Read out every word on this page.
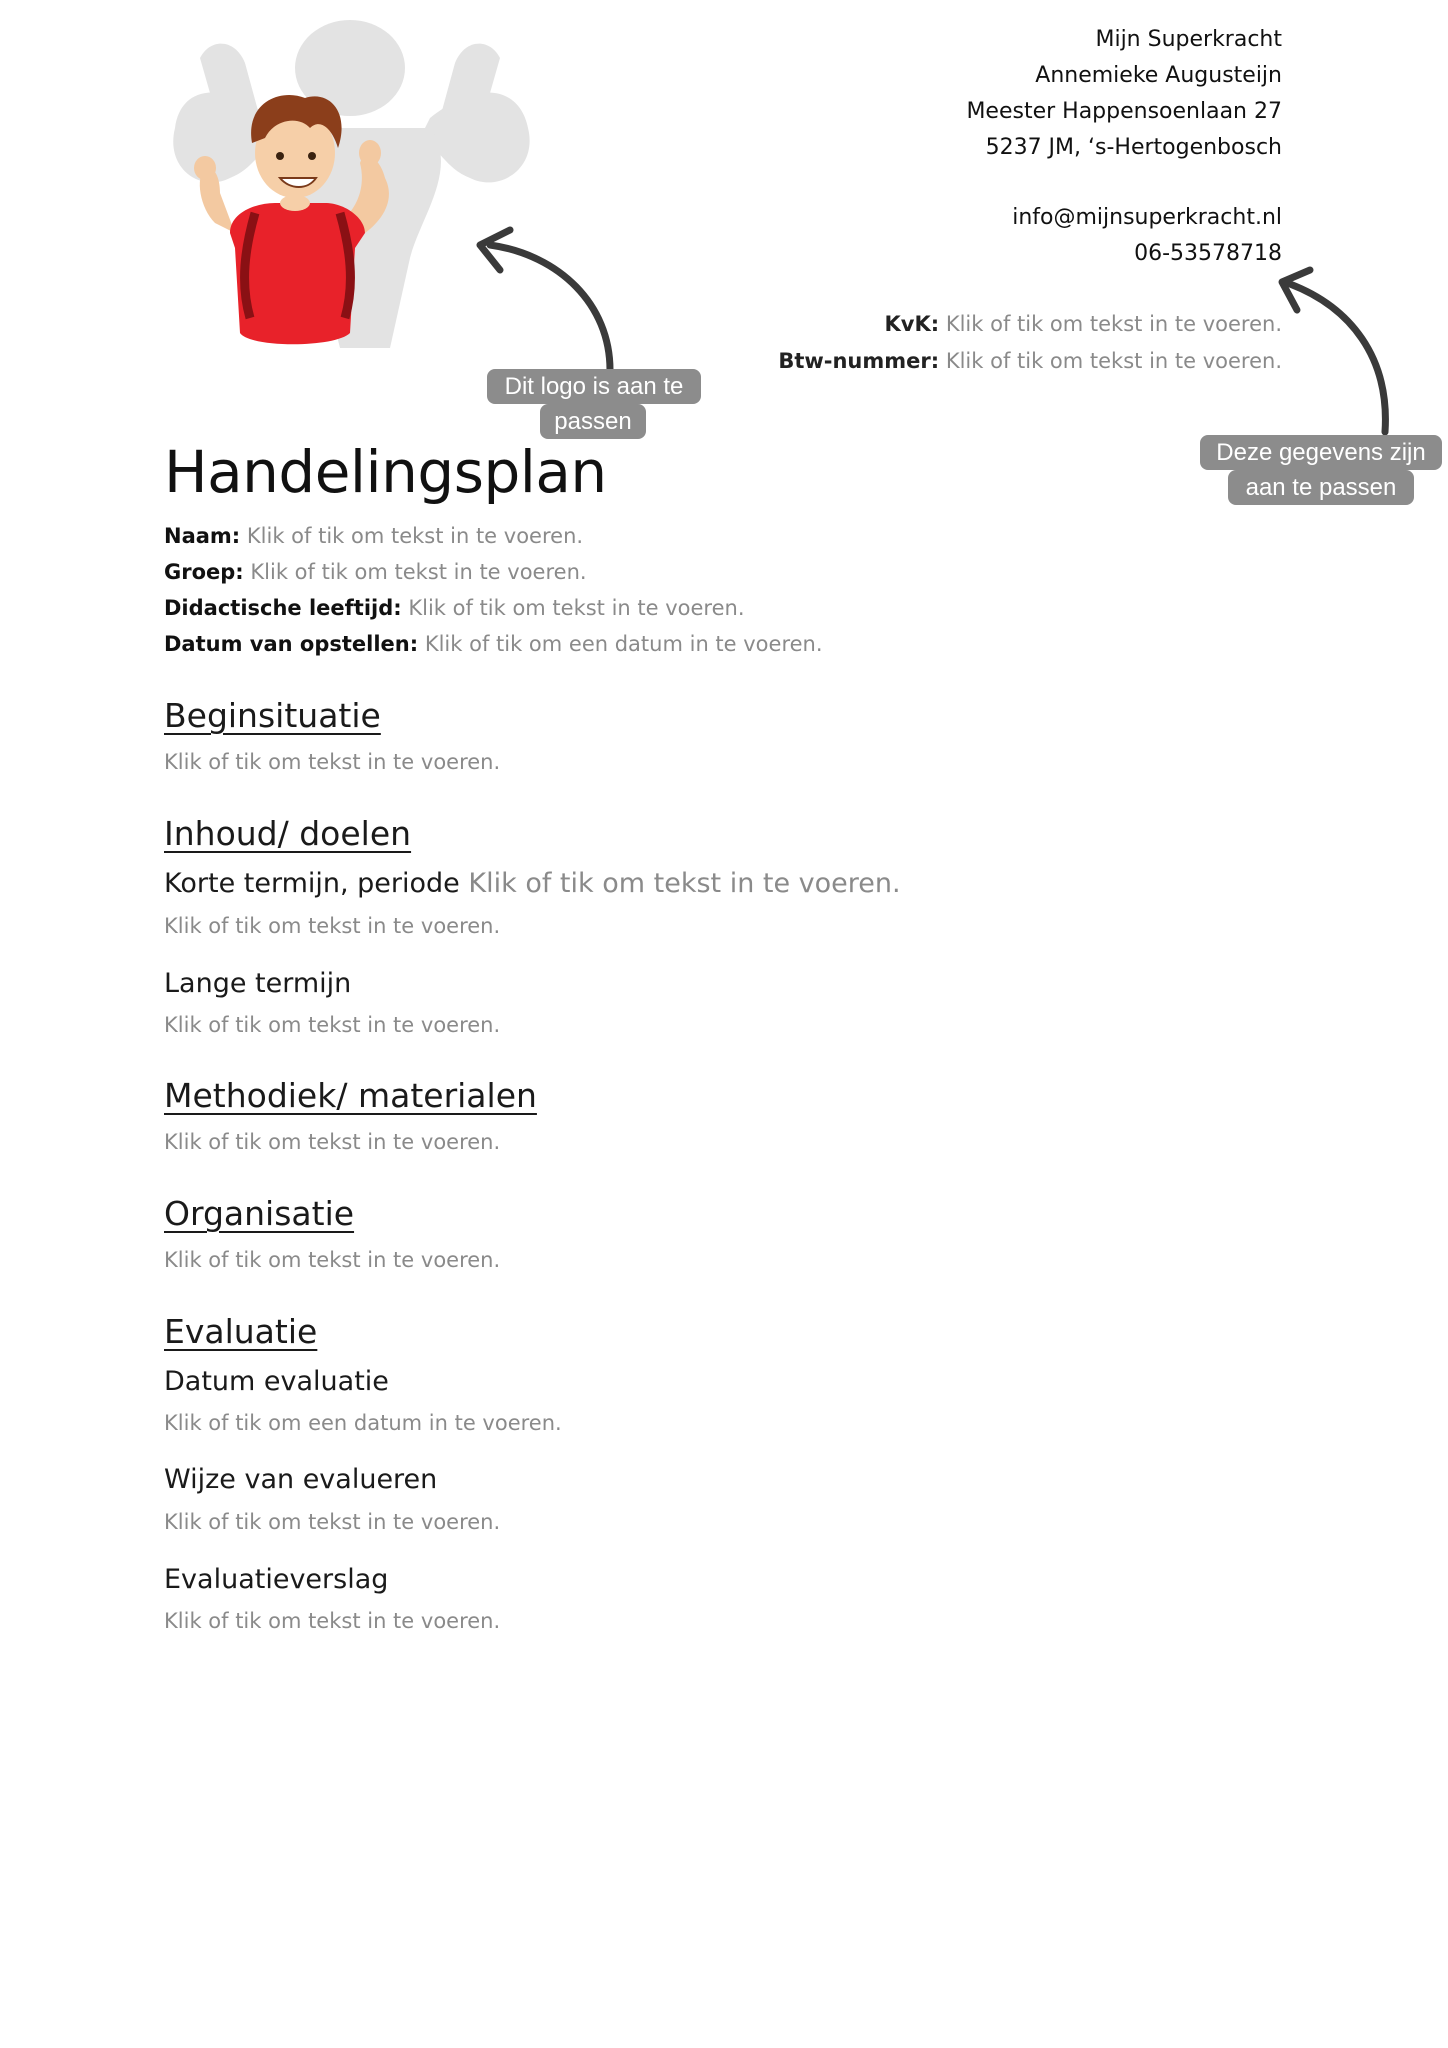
Dit logo is aan te
passen
Deze gegevens zijn
aan te passen
Mijn Superkracht
Annemieke Augusteijn
Meester Happensoenlaan 27
5237 JM, ‘s-Hertogenbosch
info@mijnsuperkracht.nl
06-53578718
KvK: Klik of tik om tekst in te voeren.
Btw-nummer: Klik of tik om tekst in te voeren.
Handelingsplan
Naam: Klik of tik om tekst in te voeren.
Groep: Klik of tik om tekst in te voeren.
Didactische leeftijd: Klik of tik om tekst in te voeren.
Datum van opstellen: Klik of tik om een datum in te voeren.
Beginsituatie
Klik of tik om tekst in te voeren.
Inhoud/ doelen
Korte termijn, periode Klik of tik om tekst in te voeren.
Klik of tik om tekst in te voeren.
Lange termijn
Klik of tik om tekst in te voeren.
Methodiek/ materialen
Klik of tik om tekst in te voeren.
Organisatie
Klik of tik om tekst in te voeren.
Evaluatie
Datum evaluatie
Klik of tik om een datum in te voeren.
Wijze van evalueren
Klik of tik om tekst in te voeren.
Evaluatieverslag
Klik of tik om tekst in te voeren.
